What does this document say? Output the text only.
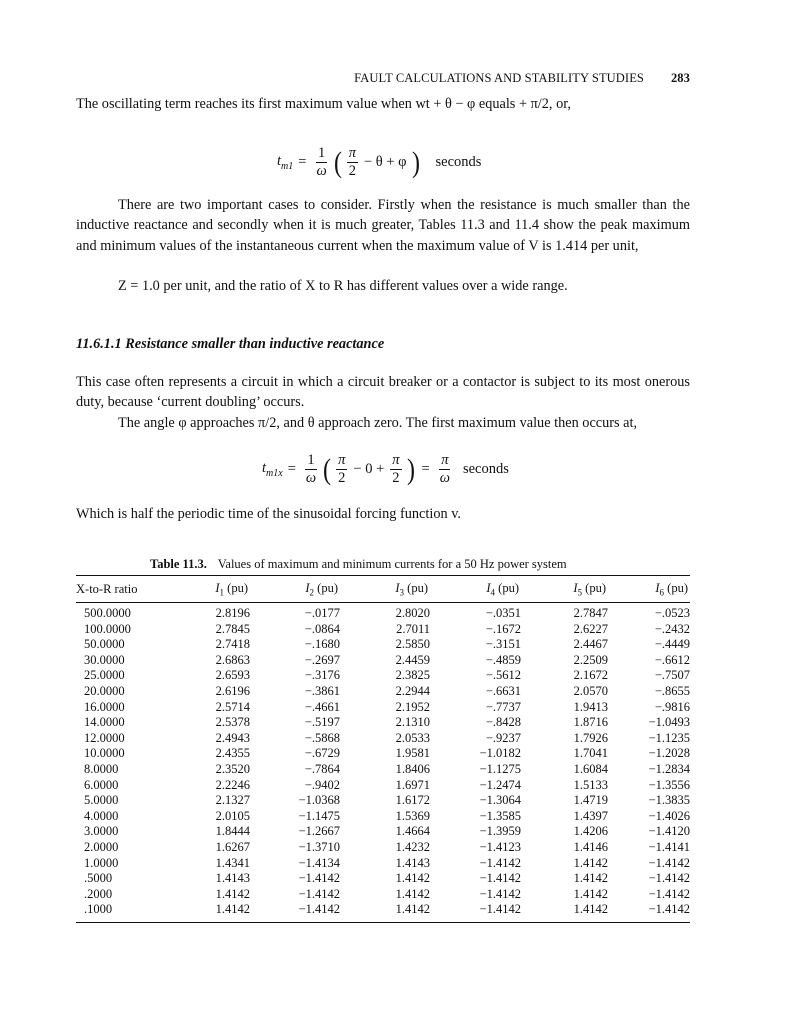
FAULT CALCULATIONS AND STABILITY STUDIES 283

The oscillating term reaches its first maximum value when wt + θ − φ equals + π/2, or,

$t_{m1} = \frac{1}{\omega}$ ( $\frac{\pi}{2} - \theta + \varphi$ ) seconds

There are two important cases to consider. Firstly when the resistance is much smaller than the inductive reactance and secondly when it is much greater, Tables 11.3 and 11.4 show the peak maximum and minimum values of the instantaneous current when the maximum value of V is 1.414 per unit,

Z = 1.0 per unit, and the ratio of X to R has different values over a wide range.

11.6.1.1 Resistance smaller than inductive reactance

This case often represents a circuit in which a circuit breaker or a contactor is subject to its most onerous duty, because ‘current doubling’ occurs.

The angle φ approaches π/2, and θ approach zero. The first maximum value then occurs at,

$t_{m1x} = \frac{1}{\omega}$ ( $\frac{\pi}{2} - 0 + \frac{\pi}{2}$ ) = $\frac{\pi}{\omega}$ seconds

Which is half the periodic time of the sinusoidal forcing function v.

Table 11.3. Values of maximum and minimum currents for a 50 Hz power system
X-to-R ratio	$I_1$ (pu)	$I_2$ (pu)	$I_3$ (pu)	$I_4$ (pu)	$I_5$ (pu)	$I_6$ (pu)
500.0000	2.8196	−.0177	2.8020	−.0351	2.7847	−.0523
100.0000	2.7845	−.0864	2.7011	−.1672	2.6227	−.2432
50.0000	2.7418	−.1680	2.5850	−.3151	2.4467	−.4449
30.0000	2.6863	−.2697	2.4459	−.4859	2.2509	−.6612
25.0000	2.6593	−.3176	2.3825	−.5612	2.1672	−.7507
20.0000	2.6196	−.3861	2.2944	−.6631	2.0570	−.8655
16.0000	2.5714	−.4661	2.1952	−.7737	1.9413	−.9816
14.0000	2.5378	−.5197	2.1310	−.8428	1.8716	−1.0493
12.0000	2.4943	−.5868	2.0533	−.9237	1.7926	−1.1235
10.0000	2.4355	−.6729	1.9581	−1.0182	1.7041	−1.2028
8.0000	2.3520	−.7864	1.8406	−1.1275	1.6084	−1.2834
6.0000	2.2246	−.9402	1.6971	−1.2474	1.5133	−1.3556
5.0000	2.1327	−1.0368	1.6172	−1.3064	1.4719	−1.3835
4.0000	2.0105	−1.1475	1.5369	−1.3585	1.4397	−1.4026
3.0000	1.8444	−1.2667	1.4664	−1.3959	1.4206	−1.4120
2.0000	1.6267	−1.3710	1.4232	−1.4123	1.4146	−1.4141
1.0000	1.4341	−1.4134	1.4143	−1.4142	1.4142	−1.4142
.5000	1.4143	−1.4142	1.4142	−1.4142	1.4142	−1.4142
.2000	1.4142	−1.4142	1.4142	−1.4142	1.4142	−1.4142
.1000	1.4142	−1.4142	1.4142	−1.4142	1.4142	−1.4142
